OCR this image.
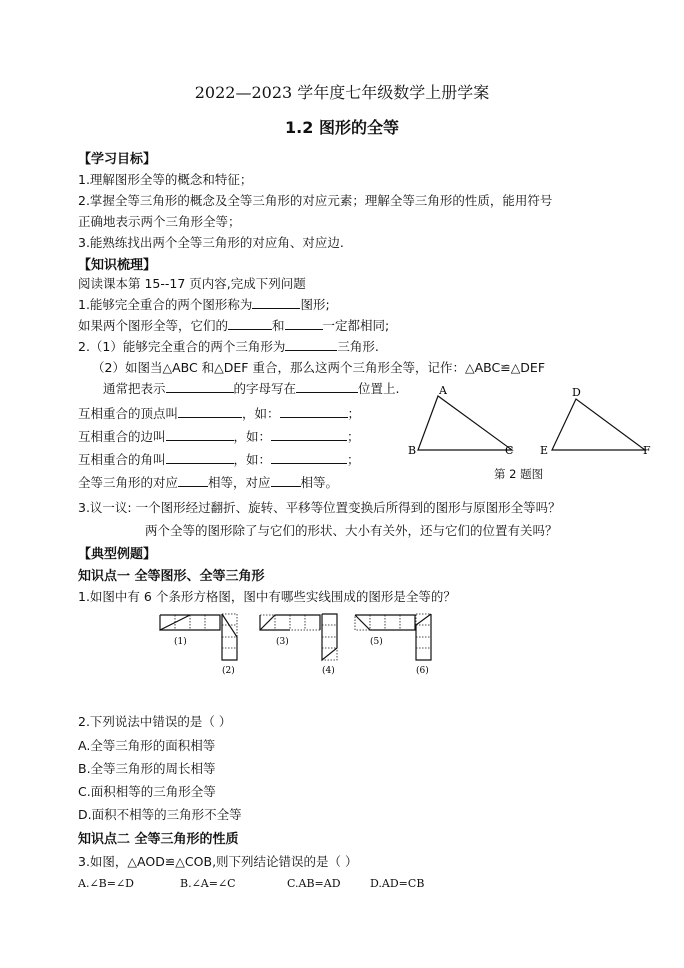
2022—2023 学年度七年级数学上册学案
1.2 图形的全等
【学习目标】
1.理解图形全等的概念和特征；
2.掌握全等三角形的概念及全等三角形的对应元素；理解全等三角形的性质，能用符号
正确地表示两个三角形全等；
3.能熟练找出两个全等三角形的对应角、对应边.
【知识梳理】
阅读课本第 15--17 页内容,完成下列问题
1.能够完全重合的两个图形称为	图形;
如果两个图形全等，它们的	和	一定都相同;
2.（1）能够完全重合的两个三角形为	三角形.
（2）如图当△ABC 和△DEF 重合，那么这两个三角形全等，记作：△ABC≌△DEF
通常把表示	的字母写在	位置上.
互相重合的顶点叫	，如：	；
互相重合的边叫	，如：	；
互相重合的角叫	，如：	；
全等三角形的对应 相等，对应 相等。
A
B	C
D
E	F
第 2 题图
3.议一议: 一个图形经过翻折、旋转、平移等位置变换后所得到的图形与原图形全等吗？
两个全等的图形除了与它们的形状、大小有关外，还与它们的位置有关吗？
【典型例题】
知识点一 全等图形、全等三角形
1.如图中有 6 个条形方格图，图中有哪些实线围成的图形是全等的？
(1)
(2)
(3)
(4)
(5)
(6)
2.下列说法中错误的是（ ）
A.全等三角形的面积相等
B.全等三角形的周长相等
C.面积相等的三角形全等
D.面积不相等的三角形不全等
知识点二 全等三角形的性质
3.如图，△AOD≌△COB,则下列结论错误的是（ ）
A.∠B=∠D	B.∠A=∠C	C.AB=AD	D.AD=CB
